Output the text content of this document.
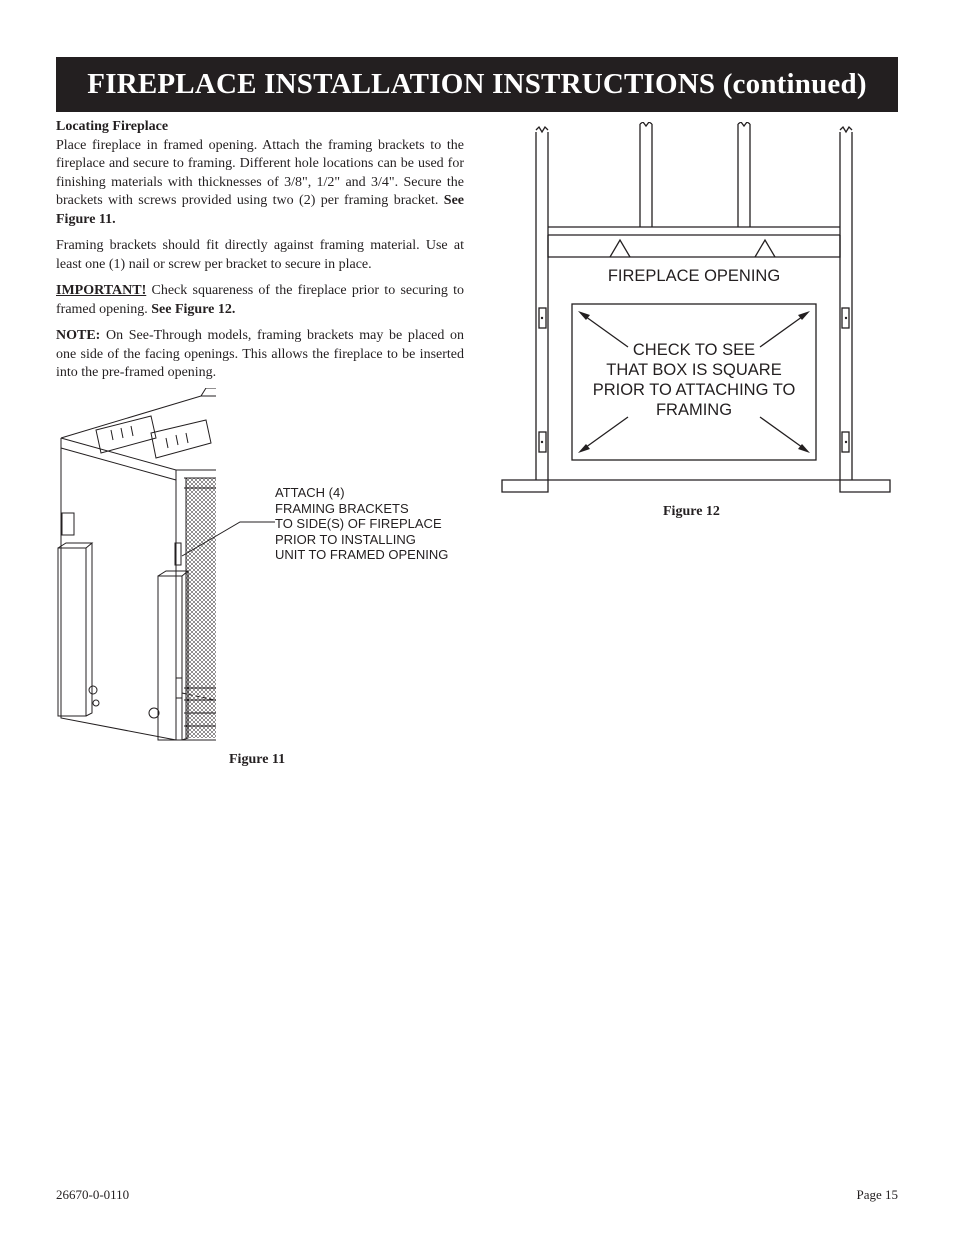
FIREPLACE INSTALLATION INSTRUCTIONS (continued)

Locating Fireplace

Place fireplace in framed opening. Attach the framing brackets to the fireplace and secure to framing. Different hole locations can be used for finishing materials with thicknesses of 3/8", 1/2" and 3/4". Secure the brackets with screws provided using two (2) per framing bracket. See Figure 11.

Framing brackets should fit directly against framing material. Use at least one (1) nail or screw per bracket to secure in place.

IMPORTANT! Check squareness of the fireplace prior to securing to framed opening. See Figure 12.

NOTE: On See-Through models, framing brackets may be placed on one side of the facing openings. This allows the fireplace to be inserted into the pre-framed opening.

ATTACH (4)
FRAMING BRACKETS
TO SIDE(S) OF FIREPLACE
PRIOR TO INSTALLING
UNIT TO FRAMED OPENING
Figure 11
FIREPLACE OPENING
CHECK TO SEE
THAT BOX IS SQUARE
PRIOR TO ATTACHING TO
FRAMING
Figure 12
26670-0-0110	Page 15
